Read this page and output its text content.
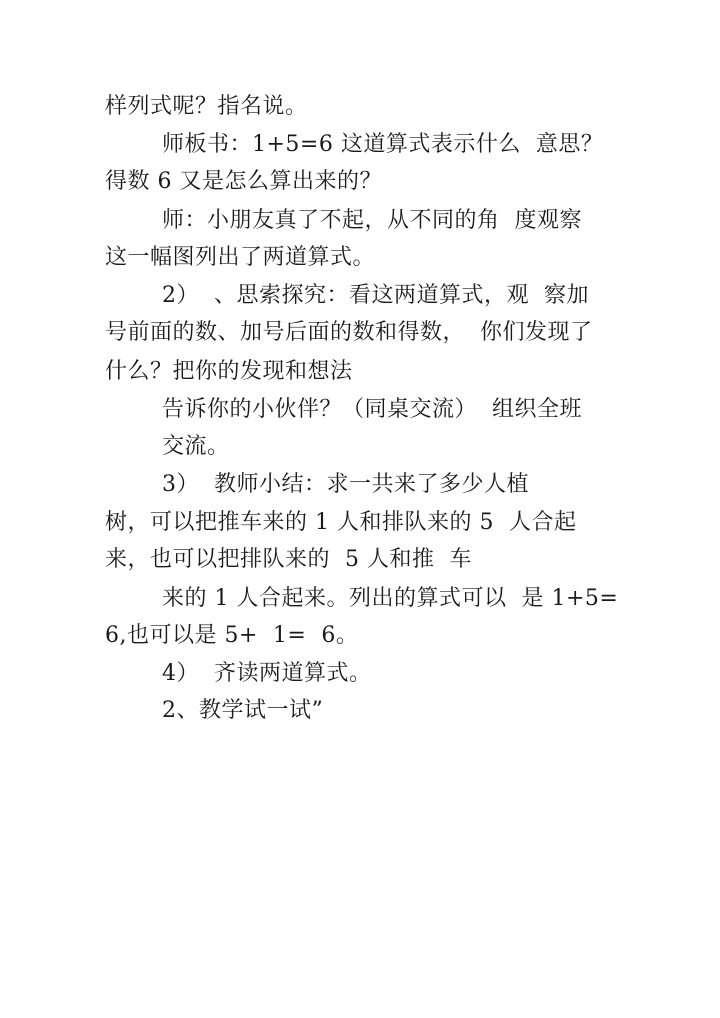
样列式呢？指名说。
师板书：1+5=6 这道算式表示什么  意思？
得数 6 又是怎么算出来的？
师：小朋友真了不起，从不同的角  度观察
这一幅图列出了两道算式。
2）  、思索探究：看这两道算式，观  察加
号前面的数、加号后面的数和得数，  你们发现了
什么？把你的发现和想法
告诉你的小伙伴？（同桌交流）  组织全班
交流。
3）  教师小结：求一共来了多少人植
树，可以把推车来的 1 人和排队来的 5  人合起
来，也可以把排队来的  5 人和推  车
来的 1 人合起来。列出的算式可以  是 1+5=
6,也可以是 5+  1=  6。
4）  齐读两道算式。
2、教学试一试”
